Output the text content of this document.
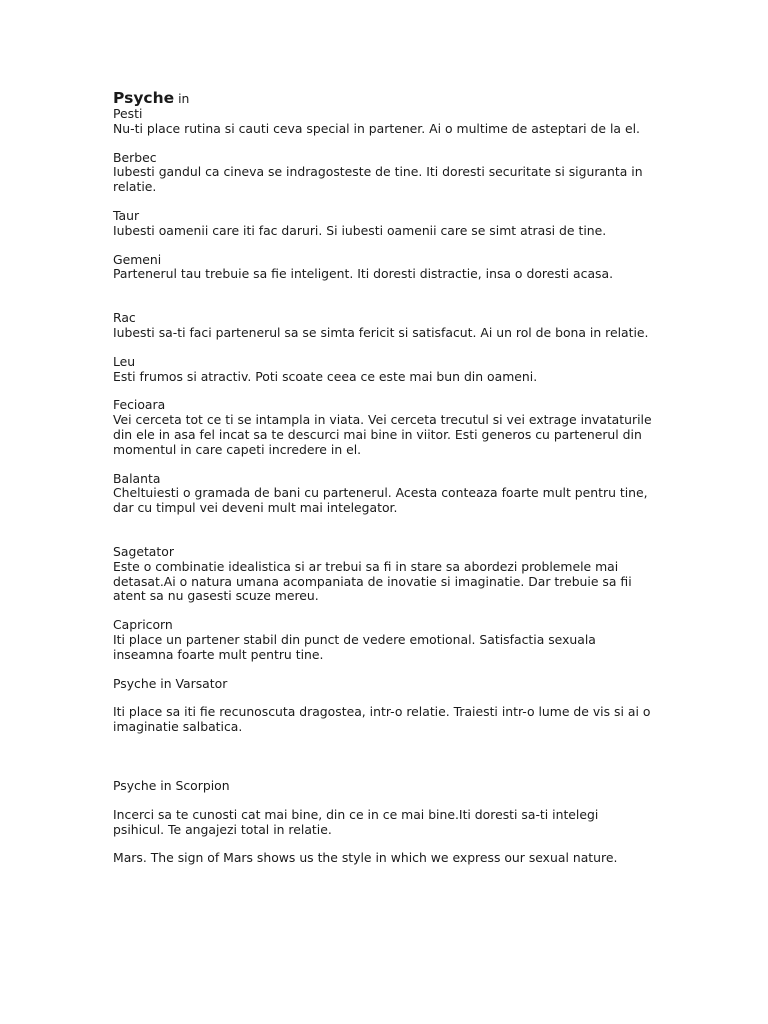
Psyche in
Pesti
Nu-ti place rutina si cauti ceva special in partener. Ai o multime de asteptari de la el.
Berbec
Iubesti gandul ca cineva se indragosteste de tine. Iti doresti securitate si siguranta in relatie.
Taur
Iubesti oamenii care iti fac daruri. Si iubesti oamenii care se simt atrasi de tine.
Gemeni
Partenerul tau trebuie sa fie inteligent. Iti doresti distractie, insa o doresti acasa.
Rac
Iubesti sa-ti faci partenerul sa se simta fericit si satisfacut. Ai un rol de bona in relatie.
Leu
Esti frumos si atractiv. Poti scoate ceea ce este mai bun din oameni.
Fecioara
Vei cerceta tot ce ti se intampla in viata. Vei cerceta trecutul si vei extrage invataturile din ele in asa fel incat sa te descurci mai bine in viitor. Esti generos cu partenerul din momentul in care capeti incredere in el.
Balanta
Cheltuiesti o gramada de bani cu partenerul. Acesta conteaza foarte mult pentru tine, dar cu timpul vei deveni mult mai intelegator.
Sagetator
Este o combinatie idealistica si ar trebui sa fi in stare sa abordezi problemele mai detasat.Ai o natura umana acompaniata de inovatie si imaginatie. Dar trebuie sa fii atent sa nu gasesti scuze mereu.
Capricorn
Iti place un partener stabil din punct de vedere emotional. Satisfactia sexuala inseamna foarte mult pentru tine.
Psyche in Varsator
Iti place sa iti fie recunoscuta dragostea, intr-o relatie. Traiesti intr-o lume de vis si ai o imaginatie salbatica.
Psyche in Scorpion
Incerci sa te cunosti cat mai bine, din ce in ce mai bine.Iti doresti sa-ti intelegi psihicul. Te angajezi total in relatie.
Mars. The sign of Mars shows us the style in which we express our sexual nature.
